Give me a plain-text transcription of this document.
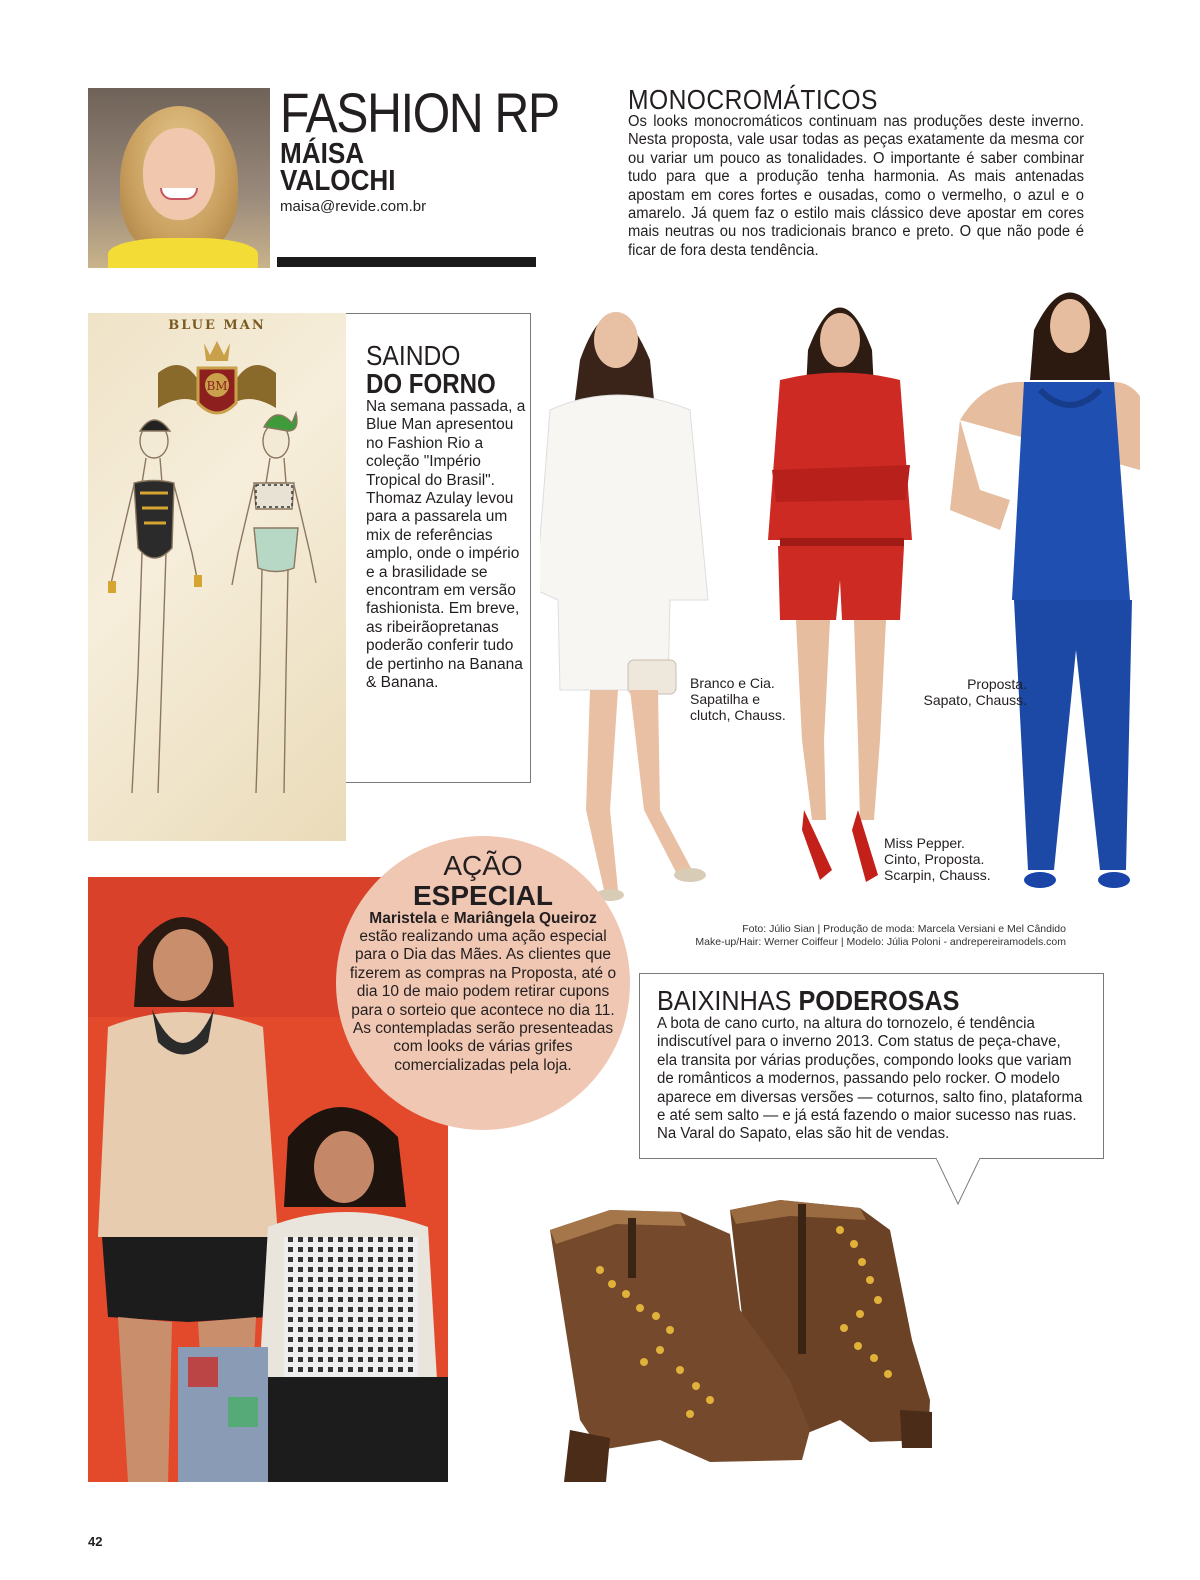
FASHION RP
MÁISA
VALOCHI
maisa@revide.com.br
MONOCROMÁTICOS
Os looks monocromáticos continuam nas produções deste inverno. Nesta proposta, vale usar todas as peças exatamente da mesma cor ou variar um pouco as tonalidades. O importante é saber combinar tudo para que a produção tenha harmonia. As mais antenadas apostam em cores fortes e ousadas, como o vermelho, o azul e o amarelo. Já quem faz o estilo mais clássico deve apostar em cores mais neutras ou nos tradicionais branco e preto. O que não pode é ficar de fora desta tendência.
BLUE MAN
BM
SAINDO
DO FORNO
Na semana passada, a Blue Man apresentou no Fashion Rio a coleção "Império Tropical do Brasil". Thomaz Azulay levou para a passarela um mix de referências amplo, onde o império e a brasilidade se encontram em versão fashionista. Em breve, as ribeirãopretanas poderão conferir tudo de pertinho na Banana & Banana.	Branco e Cia.
Sapatilha e
clutch, Chauss.
Proposta.
Sapato, Chauss.
Miss Pepper.
Cinto, Proposta.
Scarpin, Chauss.
Foto: Júlio Sian | Produção de moda: Marcela Versiani e Mel Cândido
Make-up/Hair: Werner Coiffeur | Modelo: Júlia Poloni - andrepereiramodels.com
AÇÃO
ESPECIAL
Maristela e Mariângela Queiroz
estão realizando uma ação especial para o Dia das Mães. As clientes que fizerem as compras na Proposta, até o dia 10 de maio podem retirar cupons para o sorteio que acontece no dia 11. As contempladas serão presenteadas com looks de várias grifes comercializadas pela loja.
BAIXINHAS PODEROSAS
A bota de cano curto, na altura do tornozelo, é tendência indiscutível para o inverno 2013. Com status de peça-chave, ela transita por várias produções, compondo looks que variam de românticos a modernos, passando pelo rocker. O modelo aparece em diversas versões — coturnos, salto fino, plataforma e até sem salto — e já está fazendo o maior sucesso nas ruas. Na Varal do Sapato, elas são hit de vendas.
42
